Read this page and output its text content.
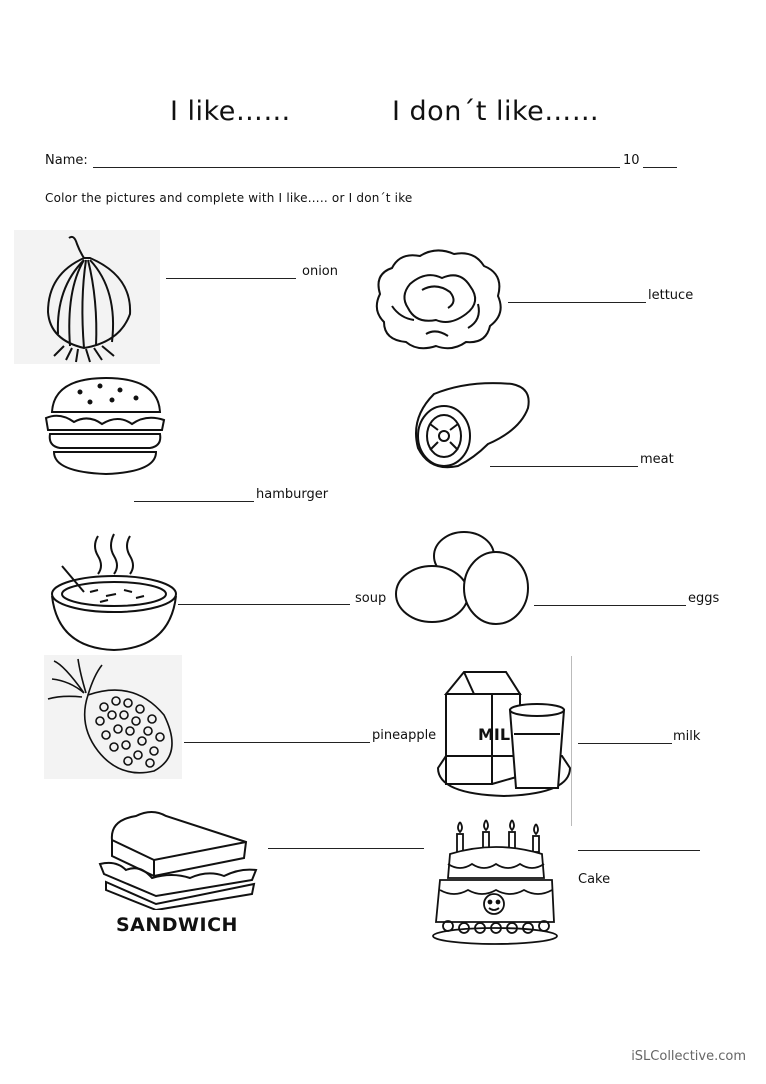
I like……	I don´t like……
Name:	10
Color the pictures and complete with I like….. or I don´t ike
onion
lettuce
hamburger
meat
soup	eggs
pineapple	MIL	milk
SANDWICH
Cake
iSLCollective.com
